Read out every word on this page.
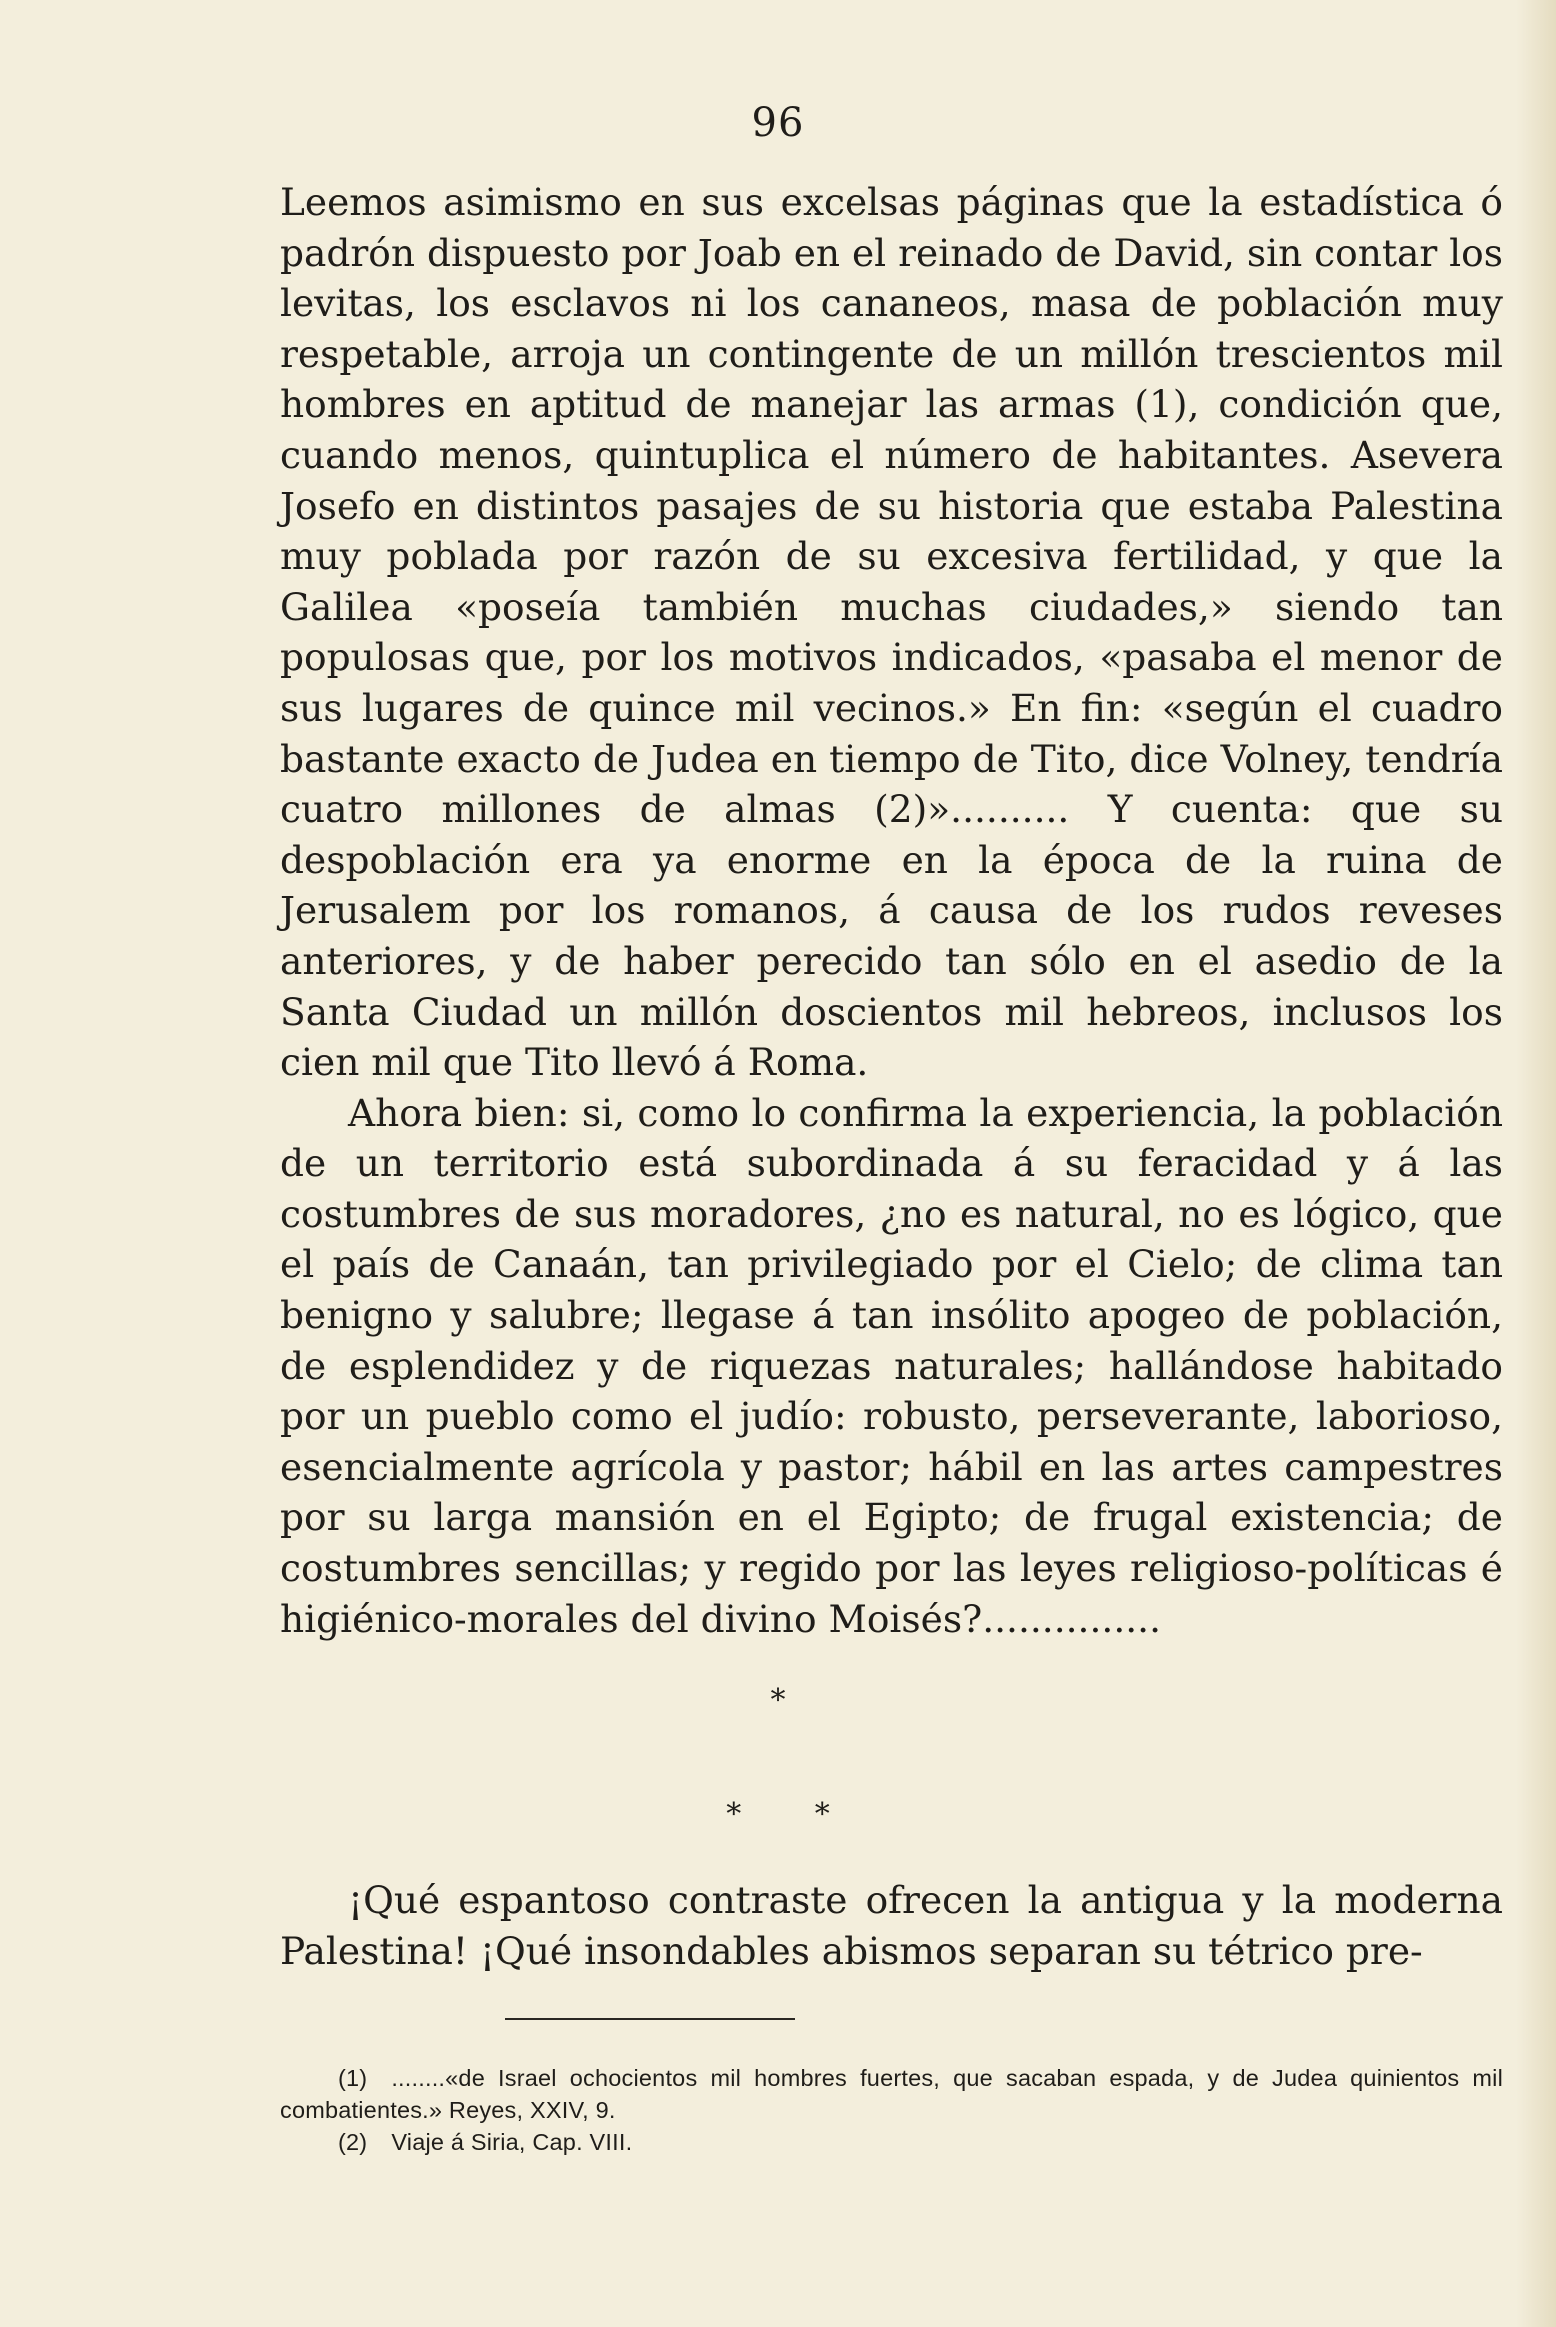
96

Leemos asimismo en sus excelsas páginas que la estadística ó padrón dispuesto por Joab en el reinado de David, sin contar los levitas, los esclavos ni los cananeos, masa de población muy respetable, arroja un contingente de un millón trescientos mil hombres en aptitud de manejar las armas (1), condición que, cuando menos, quintuplica el número de habitantes. Asevera Josefo en distintos pasajes de su historia que estaba Palestina muy poblada por razón de su excesiva fertilidad, y que la Galilea «poseía también muchas ciudades,» siendo tan populosas que, por los motivos indicados, «pasaba el menor de sus lugares de quince mil vecinos.» En fin: «según el cuadro bastante exacto de Judea en tiempo de Tito, dice Volney, tendría cuatro millones de almas (2)».......... Y cuenta: que su despoblación era ya enorme en la época de la ruina de Jerusalem por los romanos, á causa de los rudos reveses anteriores, y de haber perecido tan sólo en el asedio de la Santa Ciudad un millón doscientos mil hebreos, inclusos los cien mil que Tito llevó á Roma.

Ahora bien: si, como lo confirma la experiencia, la población de un territorio está subordinada á su feracidad y á las costumbres de sus moradores, ¿no es natural, no es lógico, que el país de Canaán, tan privilegiado por el Cielo; de clima tan benigno y salubre; llegase á tan insólito apogeo de población, de esplendidez y de riquezas naturales; hallándose habitado por un pueblo como el judío: robusto, perseverante, laborioso, esencialmente agrícola y pastor; hábil en las artes campestres por su larga mansión en el Egipto; de frugal existencia; de costumbres sencillas; y regido por las leyes religioso-políticas é higiénico-morales del divino Moisés?...............

*
* *

¡Qué espantoso contraste ofrecen la antigua y la moderna Palestina! ¡Qué insondables abismos separan su tétrico pre-

(1) ........«de Israel ochocientos mil hombres fuertes, que sacaban espada, y de Judea quinientos mil combatientes.» Reyes, XXIV, 9.

(2) Viaje á Siria, Cap. VIII.
